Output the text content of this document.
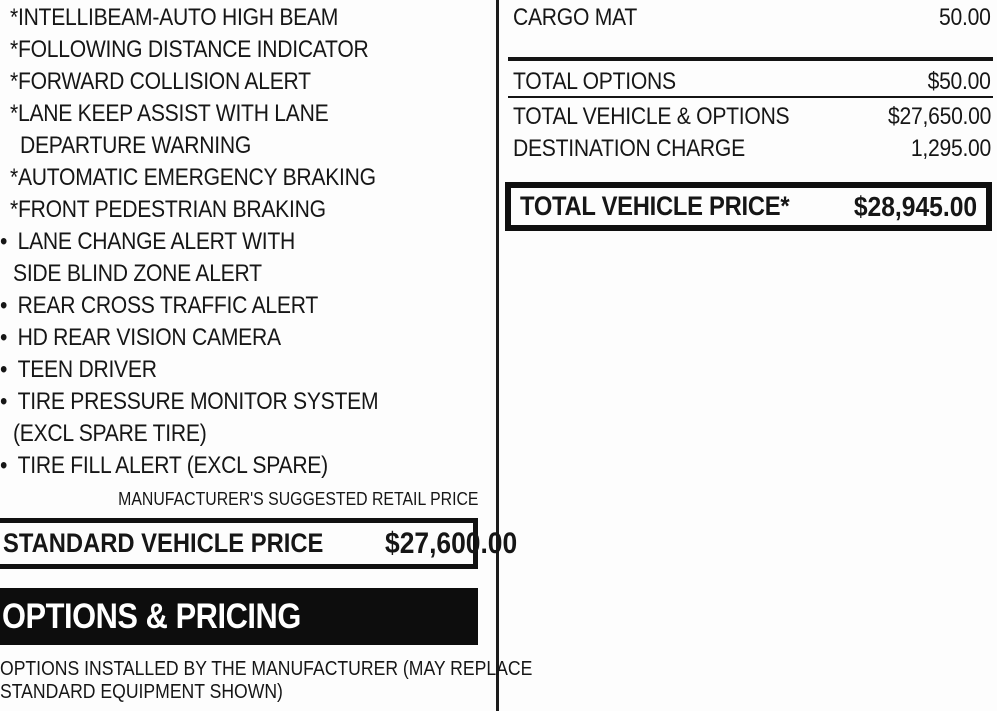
*INTELLIBEAM-AUTO HIGH BEAM
*FOLLOWING DISTANCE INDICATOR
*FORWARD COLLISION ALERT
*LANE KEEP ASSIST WITH LANE
DEPARTURE WARNING
*AUTOMATIC EMERGENCY BRAKING
*FRONT PEDESTRIAN BRAKING
• LANE CHANGE ALERT WITH
SIDE BLIND ZONE ALERT
• REAR CROSS TRAFFIC ALERT
• HD REAR VISION CAMERA
• TEEN DRIVER
• TIRE PRESSURE MONITOR SYSTEM
(EXCL SPARE TIRE)
• TIRE FILL ALERT (EXCL SPARE)
MANUFACTURER'S SUGGESTED RETAIL PRICE
STANDARD VEHICLE PRICE	$27,600.00
OPTIONS & PRICING
OPTIONS INSTALLED BY THE MANUFACTURER (MAY REPLACE
STANDARD EQUIPMENT SHOWN)
CARGO MAT	50.00
TOTAL OPTIONS	$50.00
TOTAL VEHICLE & OPTIONS	$27,650.00
DESTINATION CHARGE	1,295.00
TOTAL VEHICLE PRICE*	$28,945.00
